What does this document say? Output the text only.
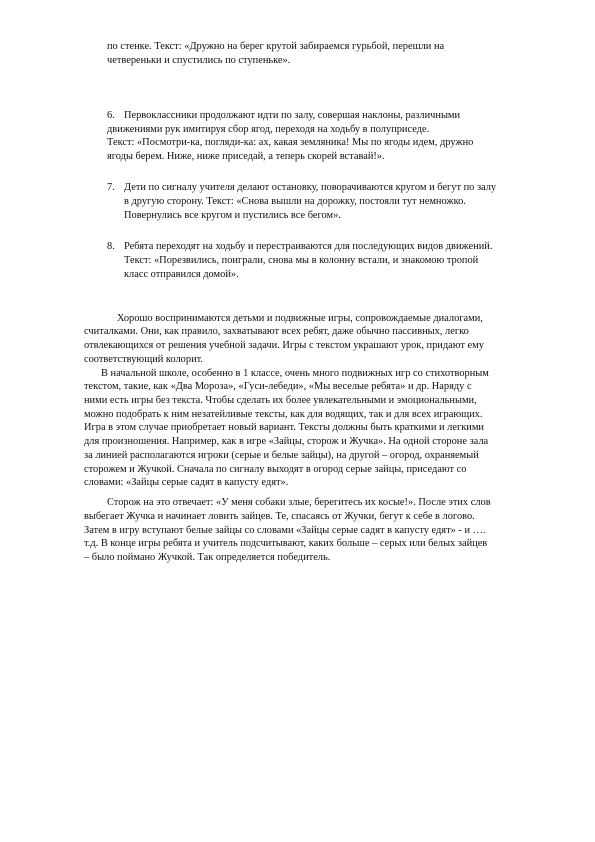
по стенке. Текст: «Дружно на берег крутой забираемся гурьбой, перешли на

четвереньки и спустились по ступеньке».

6. Первоклассники продолжают идти по залу, совершая наклоны, различными

движениями рук имитируя сбор ягод, переходя на ходьбу в полуприседе.

Текст: «Посмотри-ка, погляди-ка: ах, какая земляника! Мы по ягоды идем, дружно

ягоды берем. Ниже, ниже приседай, а теперь скорей вставай!».

7. Дети по сигналу учителя делают остановку, поворачиваются кругом и бегут по залу

в другую сторону. Текст: «Снова вышли на дорожку, постояли тут немножко.

Повернулись все кругом и пустились все бегом».

8. Ребята переходят на ходьбу и перестраиваются для последующих видов движений.

Текст: «Порезвились, поиграли, снова мы в колонну встали, и знакомою тропой

класс отправился домой».

Хорошо воспринимаются детьми и подвижные игры, сопровождаемые диалогами,

считалками. Они, как правило, захватывают всех ребят, даже обычно пассивных, легко

отвлекающихся от решения учебной задачи. Игры с текстом украшают урок, придают ему

соответствующий колорит.

В начальной школе, особенно в 1 классе, очень много подвижных игр со стихотворным

текстом, такие, как «Два Мороза», «Гуси-лебеди», «Мы веселые ребята» и др. Наряду с

ними есть игры без текста. Чтобы сделать их более увлекательными и эмоциональными,

можно подобрать к ним незатейливые тексты, как для водящих, так и для всех играющих.

Игра в этом случае приобретает новый вариант. Тексты должны быть краткими и легкими

для произношения. Например, как в игре «Зайцы, сторож и Жучка». На одной стороне зала

за линией располагаются игроки (серые и белые зайцы), на другой – огород, охраняемый

сторожем и Жучкой. Сначала по сигналу выходят в огород серые зайцы, приседают со

словами: «Зайцы серые садят в капусту едят».

Сторож на это отвечает: «У меня собаки злые, берегитесь их косые!». После этих слов

выбегает Жучка и начинает ловить зайцев. Те, спасаясь от Жучки, бегут к себе в логово.

Затем в игру вступают белые зайцы со словами «Зайцы серые садят в капусту едят» - и ….

т.д. В конце игры ребята и учитель подсчитывают, каких больше – серых или белых зайцев

– было поймано Жучкой. Так определяется победитель.
